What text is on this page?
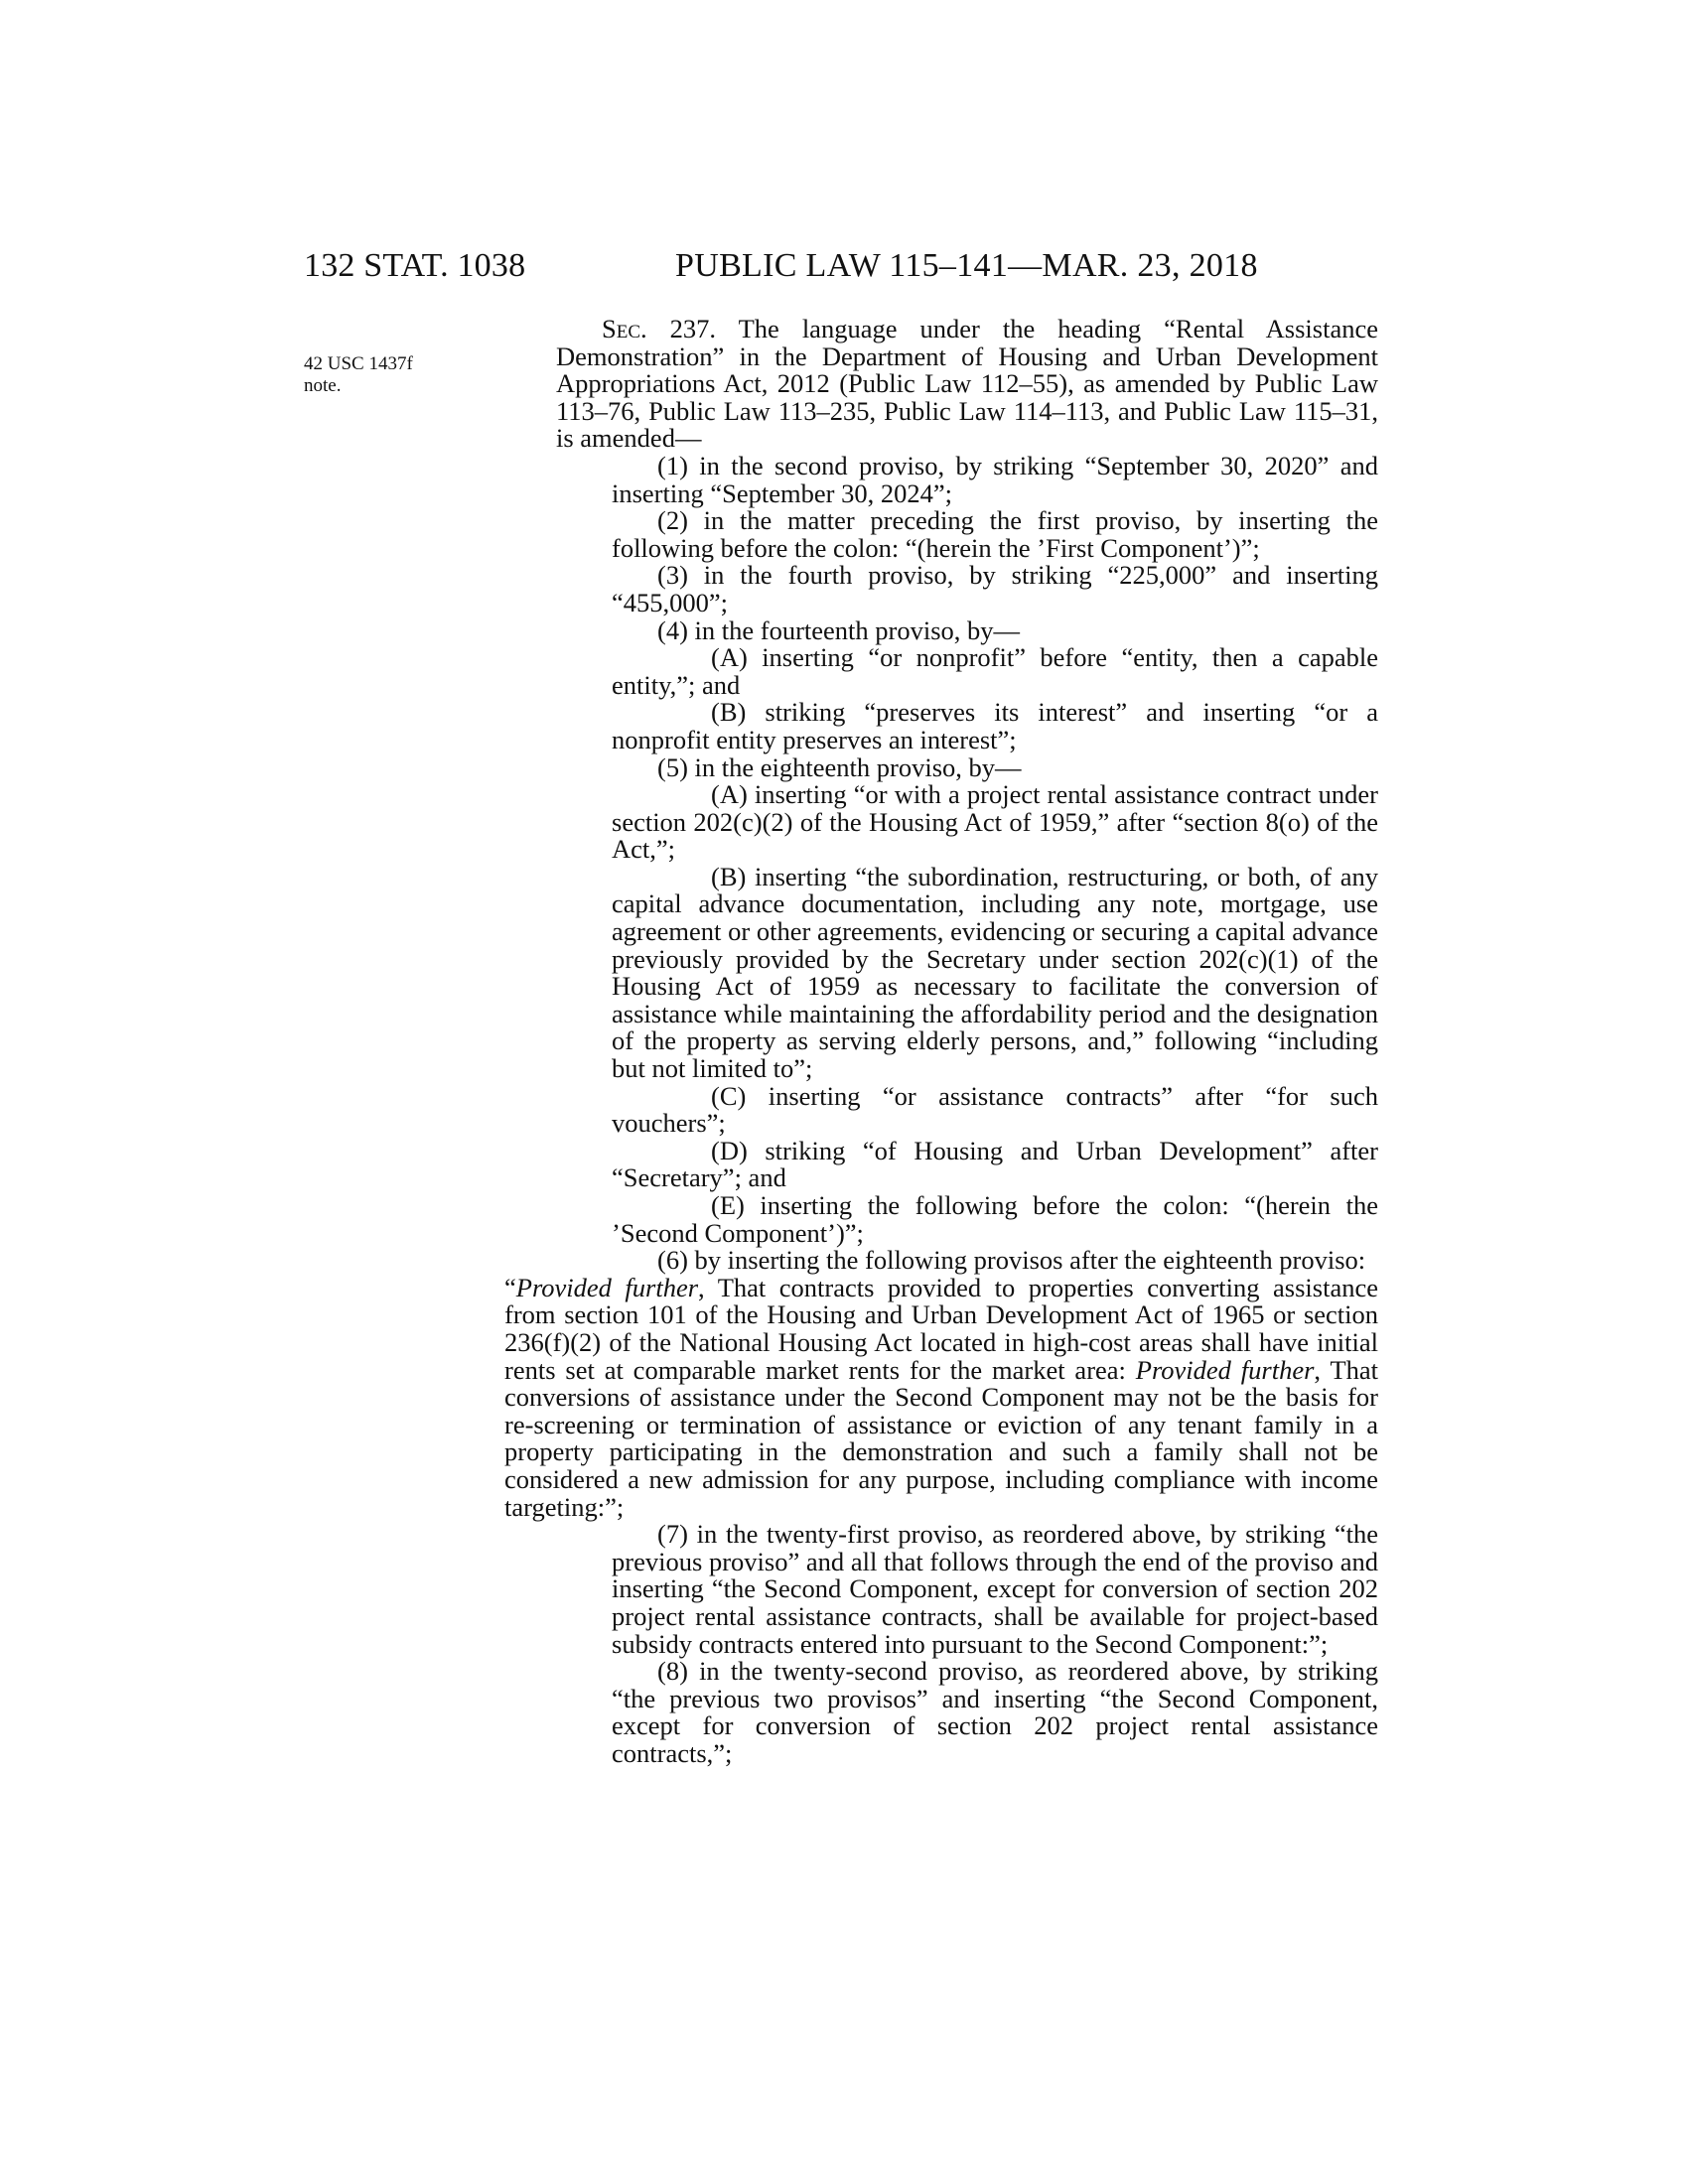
132 STAT. 1038	PUBLIC LAW 115–141—MAR. 23, 2018
42 USC 1437f
note.

Sec. 237. The language under the heading “Rental Assistance Demonstration” in the Department of Housing and Urban Development Appropriations Act, 2012 (Public Law 112–55), as amended by Public Law 113–76, Public Law 113–235, Public Law 114–113, and Public Law 115–31, is amended—

(1) in the second proviso, by striking “September 30, 2020” and inserting “September 30, 2024”;

(2) in the matter preceding the first proviso, by inserting the following before the colon: “(herein the ’First Component’)”;

(3) in the fourth proviso, by striking “225,000” and inserting “455,000”;

(4) in the fourteenth proviso, by—

(A) inserting “or nonprofit” before “entity, then a capable entity,”; and

(B) striking “preserves its interest” and inserting “or a nonprofit entity preserves an interest”;

(5) in the eighteenth proviso, by—

(A) inserting “or with a project rental assistance contract under section 202(c)(2) of the Housing Act of 1959,” after “section 8(o) of the Act,”;

(B) inserting “the subordination, restructuring, or both, of any capital advance documentation, including any note, mortgage, use agreement or other agreements, evidencing or securing a capital advance previously provided by the Secretary under section 202(c)(1) of the Housing Act of 1959 as necessary to facilitate the conversion of assistance while maintaining the affordability period and the designation of the property as serving elderly persons, and,” following “including but not limited to”;

(C) inserting “or assistance contracts” after “for such vouchers”;

(D) striking “of Housing and Urban Development” after “Secretary”; and

(E) inserting the following before the colon: “(herein the ’Second Component’)”;

(6) by inserting the following provisos after the eighteenth proviso:

“Provided further, That contracts provided to properties converting assistance from section 101 of the Housing and Urban Development Act of 1965 or section 236(f)(2) of the National Housing Act located in high-cost areas shall have initial rents set at comparable market rents for the market area: Provided further, That conversions of assistance under the Second Component may not be the basis for re-screening or termination of assistance or eviction of any tenant family in a property participating in the demonstration and such a family shall not be considered a new admission for any purpose, including compliance with income targeting:”;

(7) in the twenty-first proviso, as reordered above, by striking “the previous proviso” and all that follows through the end of the proviso and inserting “the Second Component, except for conversion of section 202 project rental assistance contracts, shall be available for project-based subsidy contracts entered into pursuant to the Second Component:”;

(8) in the twenty-second proviso, as reordered above, by striking “the previous two provisos” and inserting “the Second Component, except for conversion of section 202 project rental assistance contracts,”;
